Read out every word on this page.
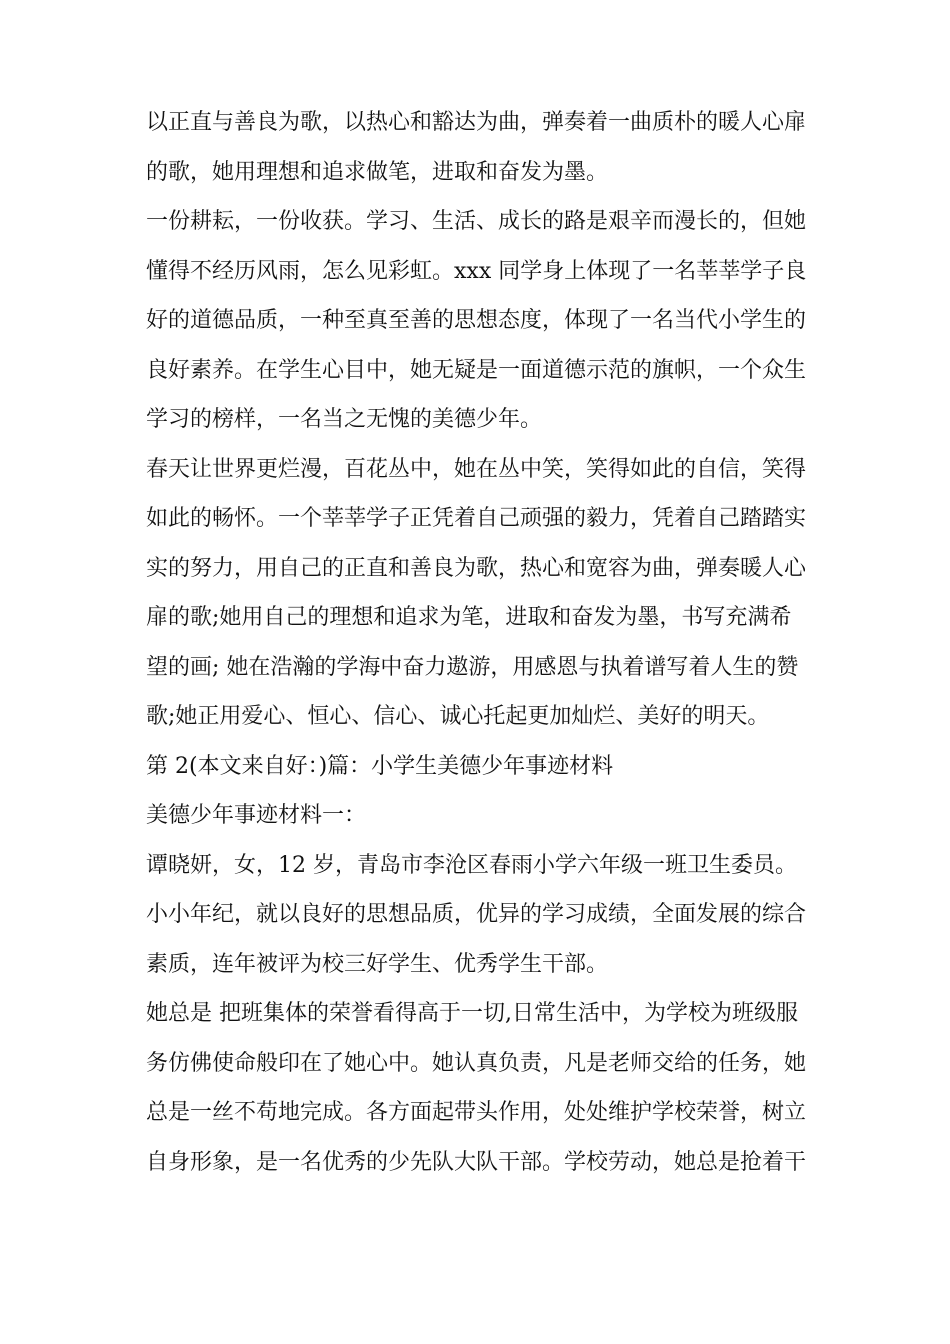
以正直与善良为歌，以热心和豁达为曲，弹奏着一曲质朴的暖人心扉
的歌，她用理想和追求做笔，进取和奋发为墨。
一份耕耘，一份收获。学习、生活、成长的路是艰辛而漫长的，但她
懂得不经历风雨，怎么见彩虹。xxx 同学身上体现了一名莘莘学子良
好的道德品质，一种至真至善的思想态度，体现了一名当代小学生的
良好素养。在学生心目中，她无疑是一面道德示范的旗帜，一个众生
学习的榜样，一名当之无愧的美德少年。
春天让世界更烂漫，百花丛中，她在丛中笑，笑得如此的自信，笑得
如此的畅怀。一个莘莘学子正凭着自己顽强的毅力，凭着自己踏踏实
实的努力，用自己的正直和善良为歌，热心和宽容为曲，弹奏暖人心
扉的歌;她用自己的理想和追求为笔，进取和奋发为墨，书写充满希
望的画; 她在浩瀚的学海中奋力遨游，用感恩与执着谱写着人生的赞
歌;她正用爱心、恒心、信心、诚心托起更加灿烂、美好的明天。
第 2(本文来自好：)篇：小学生美德少年事迹材料
美德少年事迹材料一：
谭晓妍，女，12 岁，青岛市李沧区春雨小学六年级一班卫生委员。
小小年纪，就以良好的思想品质，优异的学习成绩，全面发展的综合
素质，连年被评为校三好学生、优秀学生干部。
她总是 把班集体的荣誉看得高于一切,日常生活中，为学校为班级服
务仿佛使命般印在了她心中。她认真负责，凡是老师交给的任务，她
总是一丝不苟地完成。各方面起带头作用，处处维护学校荣誉，树立
自身形象，是一名优秀的少先队大队干部。学校劳动，她总是抢着干
